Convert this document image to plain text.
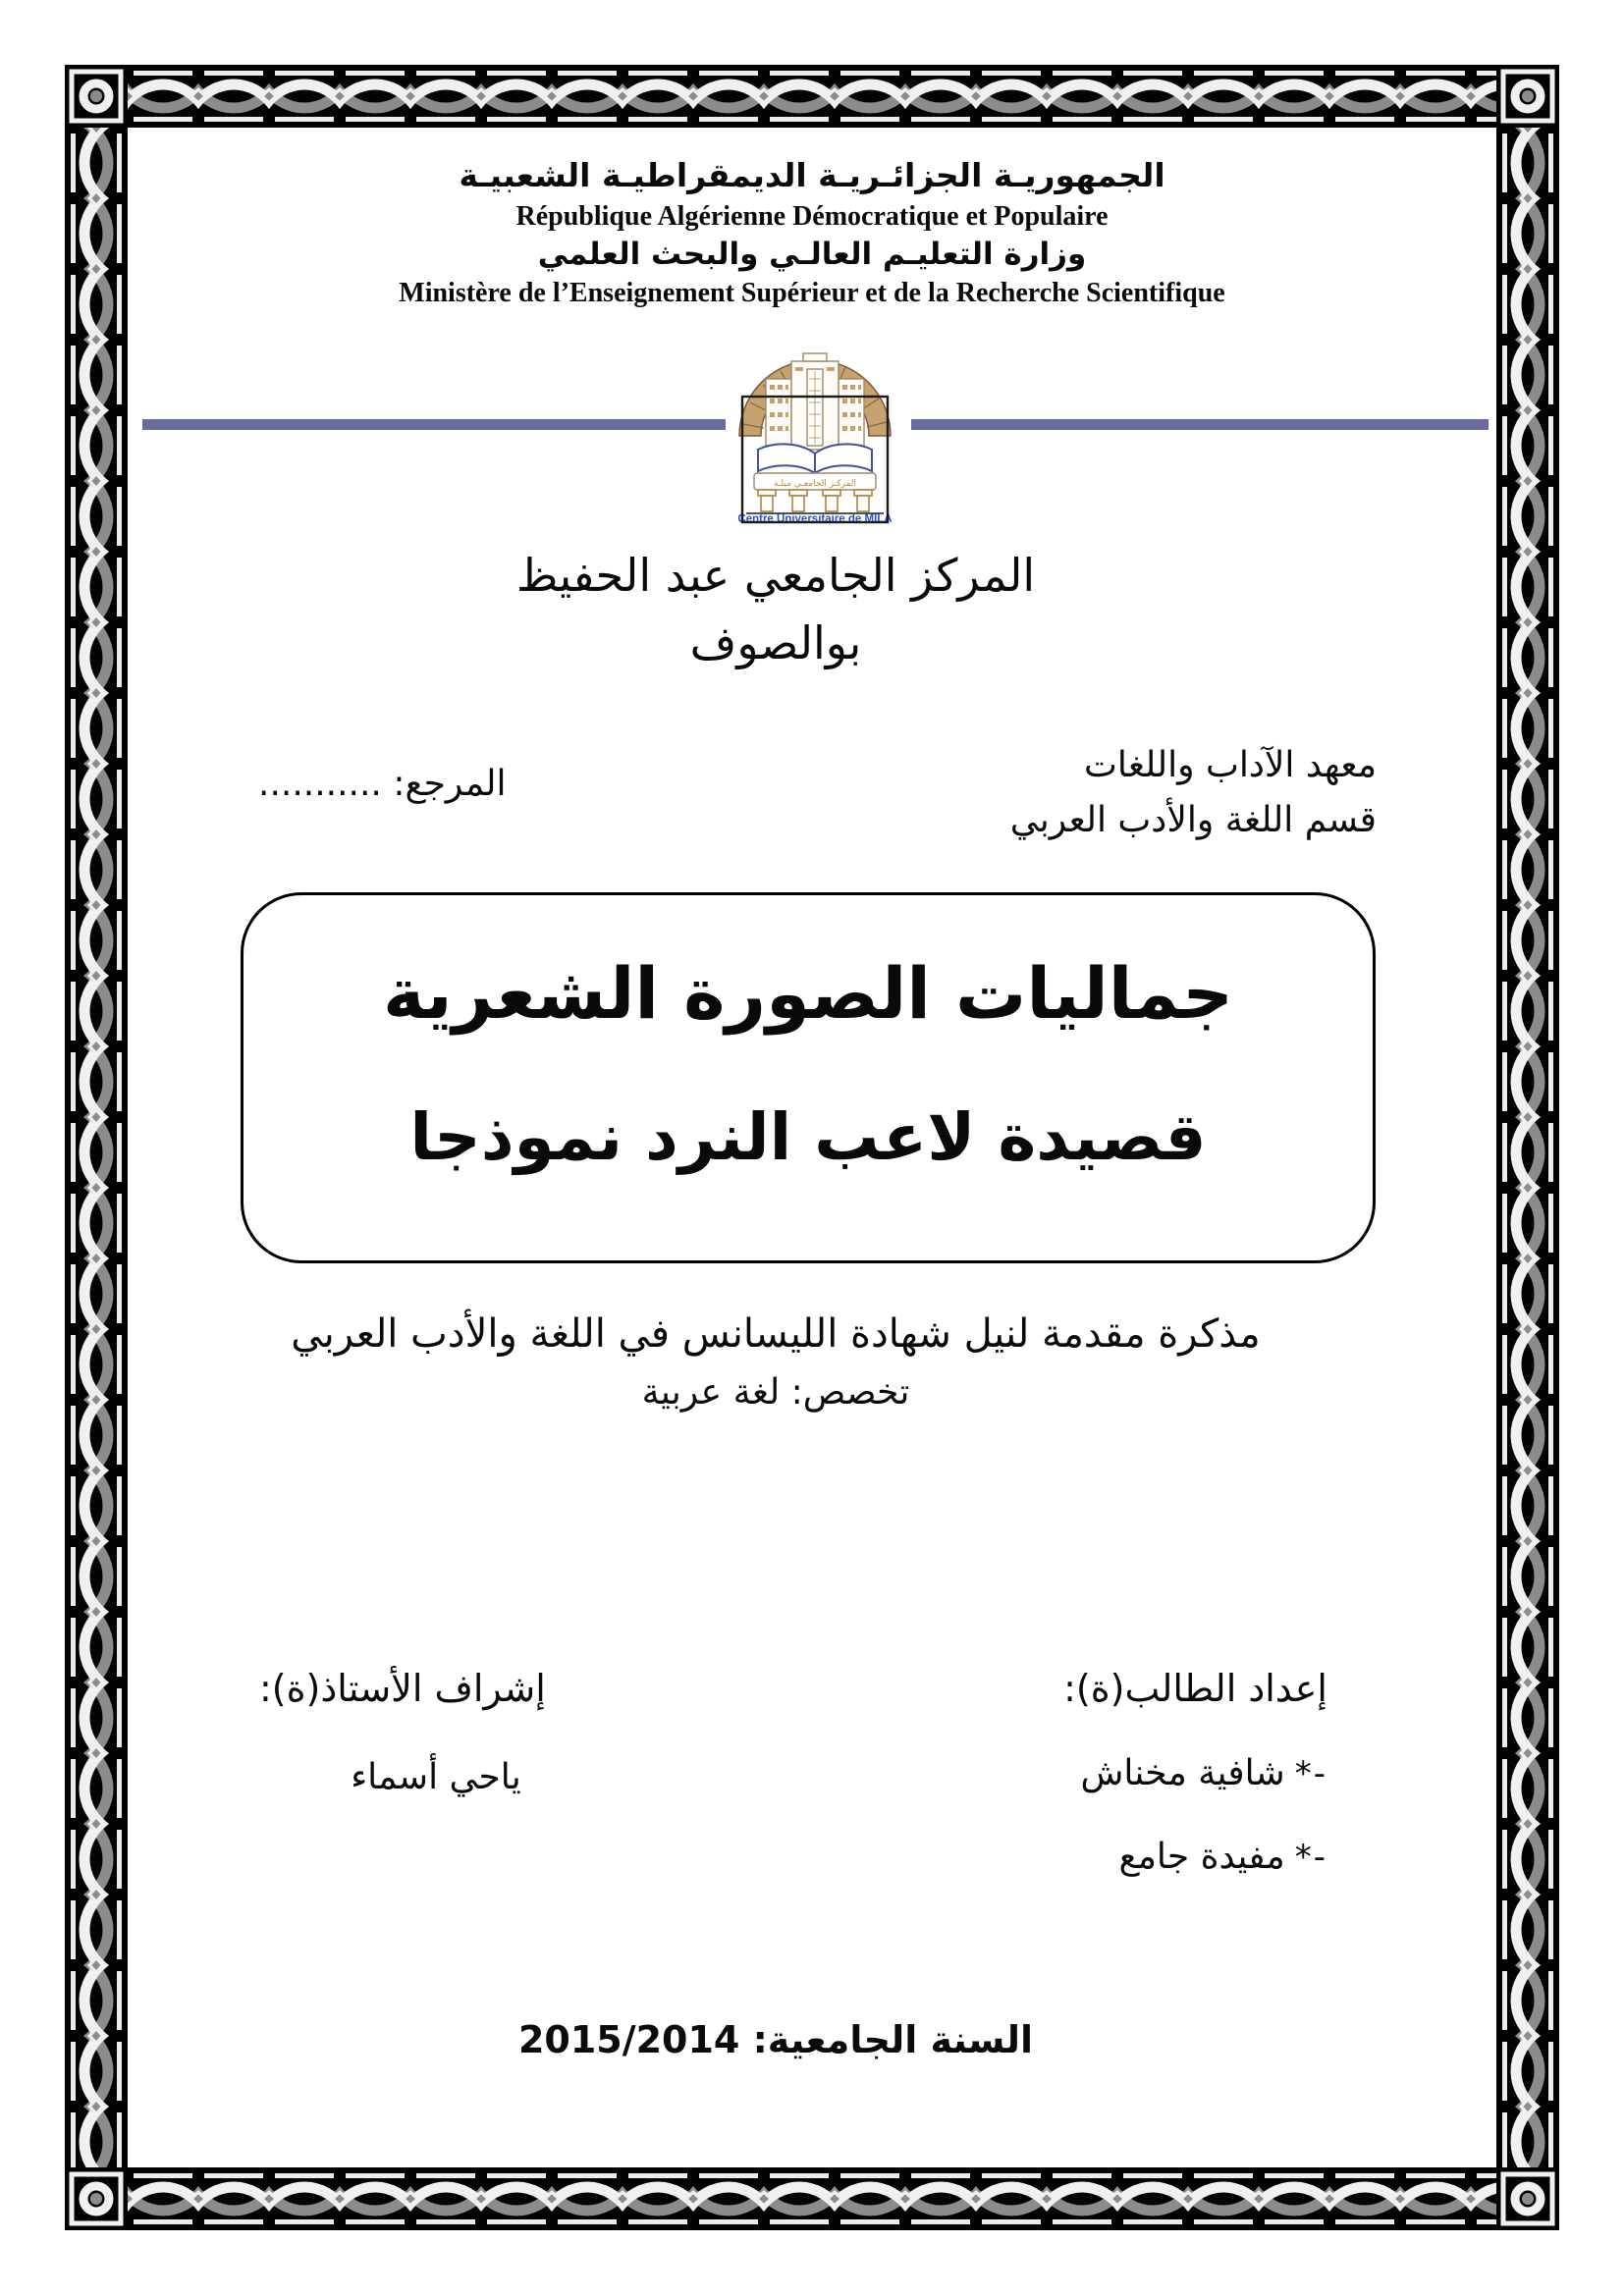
الجمهوريـة الجزائـريـة الديمقراطيـة الشعبيـة
République Algérienne Démocratique et Populaire
وزارة التعليـم العالـي والبحث العلمي
Ministère de l’Enseignement Supérieur et de la Recherche Scientifique
المركـز الجامعـي ميلـة
Centre Universitaire de MILA
المركز الجامعي عبد الحفيظ
بوالصوف
معهد الآداب واللغات
قسم اللغة والأدب العربي
المرجع: ...........
جماليات الصورة الشعرية
قصيدة لاعب النرد نموذجا
مذكرة مقدمة لنيل شهادة الليسانس في اللغة والأدب العربي
تخصص: لغة عربية
إعداد الطالب(ة):
*-
شافية مخناش
*-
مفيدة جامع
إشراف الأستاذ(ة):
ياحي أسماء
السنة الجامعية: 2015/2014
